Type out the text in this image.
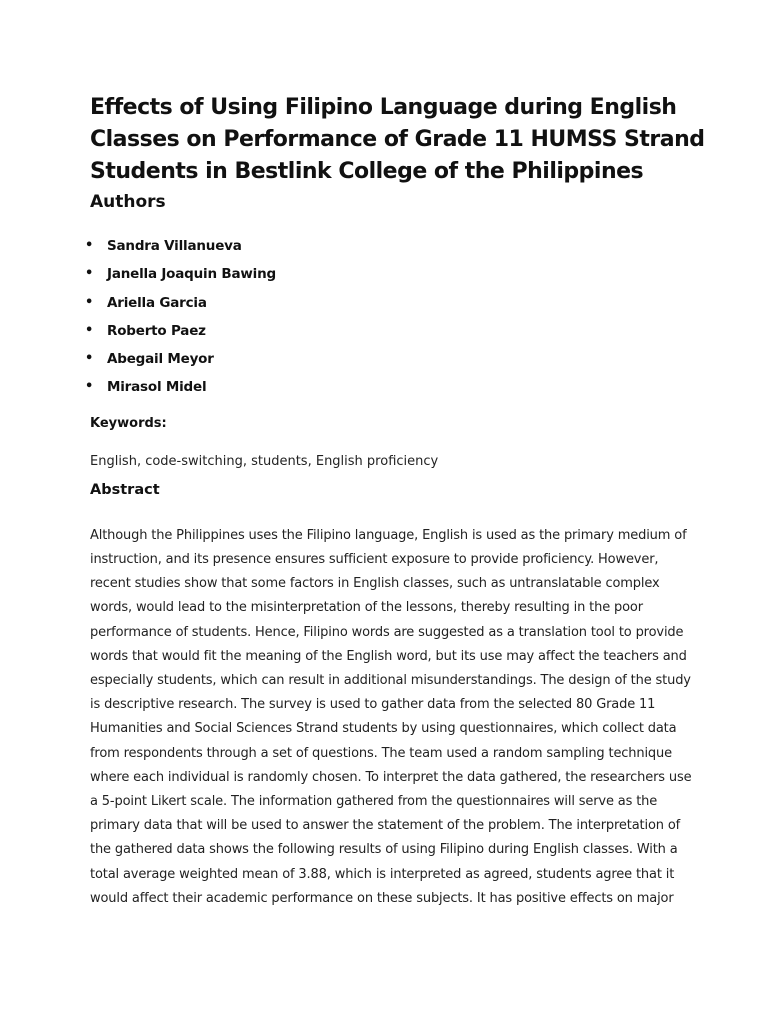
Effects of Using Filipino Language during English
Classes on Performance of Grade 11 HUMSS Strand
Students in Bestlink College of the Philippines
Authors
• Sandra Villanueva
• Janella Joaquin Bawing
• Ariella Garcia
• Roberto Paez
• Abegail Meyor
• Mirasol Midel

Keywords:

English, code-switching, students, English proficiency

Abstract
Although the Philippines uses the Filipino language, English is used as the primary medium of
instruction, and its presence ensures sufficient exposure to provide proficiency. However,
recent studies show that some factors in English classes, such as untranslatable complex
words, would lead to the misinterpretation of the lessons, thereby resulting in the poor
performance of students. Hence, Filipino words are suggested as a translation tool to provide
words that would fit the meaning of the English word, but its use may affect the teachers and
especially students, which can result in additional misunderstandings. The design of the study
is descriptive research. The survey is used to gather data from the selected 80 Grade 11
Humanities and Social Sciences Strand students by using questionnaires, which collect data
from respondents through a set of questions. The team used a random sampling technique
where each individual is randomly chosen. To interpret the data gathered, the researchers use
a 5-point Likert scale. The information gathered from the questionnaires will serve as the
primary data that will be used to answer the statement of the problem. The interpretation of
the gathered data shows the following results of using Filipino during English classes. With a
total average weighted mean of 3.88, which is interpreted as agreed, students agree that it
would affect their academic performance on these subjects. It has positive effects on major
